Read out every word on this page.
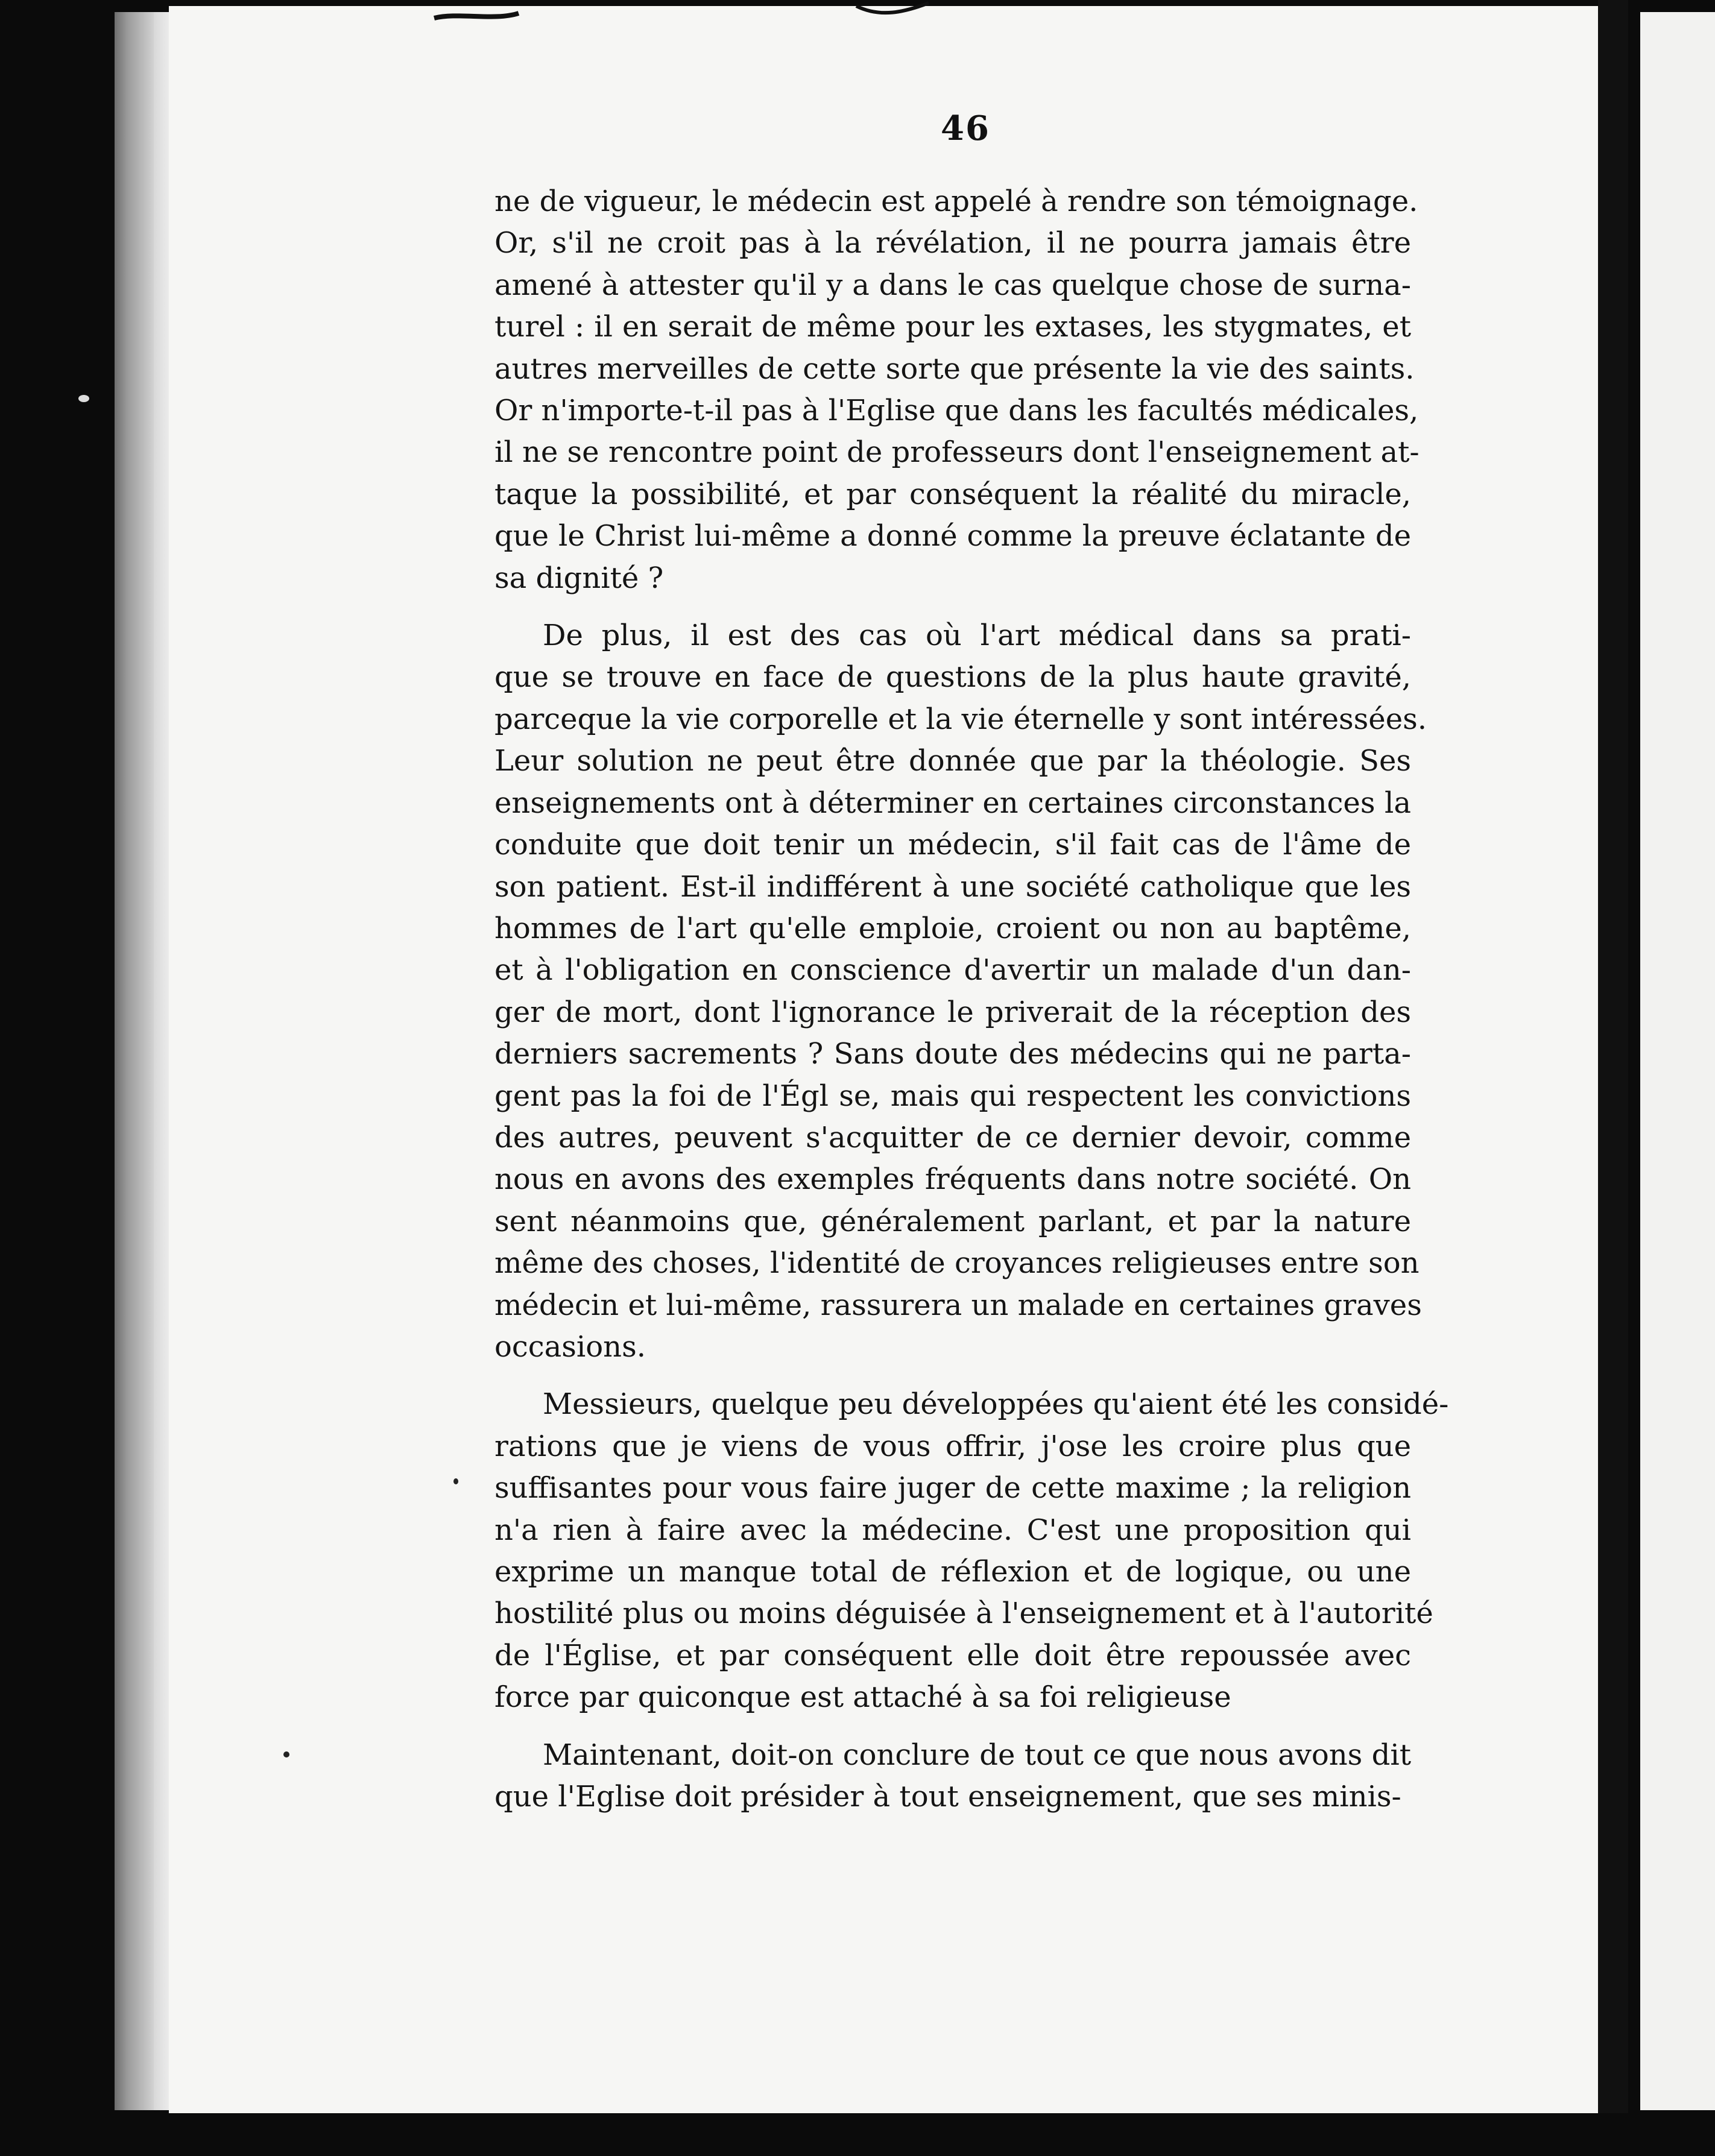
46
ne de vigueur, le médecin est appelé à rendre son témoignage.
Or, s'il ne croit pas à la révélation, il ne pourra jamais être
amené à attester qu'il y a dans le cas quelque chose de surna-
turel : il en serait de même pour les extases, les stygmates, et
autres merveilles de cette sorte que présente la vie des saints.
Or n'importe-t-il pas à l'Eglise que dans les facultés médicales,
il ne se rencontre point de professeurs dont l'enseignement at-
taque la possibilité, et par conséquent la réalité du miracle,
que le Christ lui-même a donné comme la preuve éclatante de
sa dignité ?
De plus, il est des cas où l'art médical dans sa prati-
que se trouve en face de questions de la plus haute gravité,
parceque la vie corporelle et la vie éternelle y sont intéressées.
Leur solution ne peut être donnée que par la théologie. Ses
enseignements ont à déterminer en certaines circonstances la
conduite que doit tenir un médecin, s'il fait cas de l'âme de
son patient. Est-il indifférent à une société catholique que les
hommes de l'art qu'elle emploie, croient ou non au baptême,
et à l'obligation en conscience d'avertir un malade d'un dan-
ger de mort, dont l'ignorance le priverait de la réception des
derniers sacrements ? Sans doute des médecins qui ne parta-
gent pas la foi de l'Égl se, mais qui respectent les convictions
des autres, peuvent s'acquitter de ce dernier devoir, comme
nous en avons des exemples fréquents dans notre société. On
sent néanmoins que, généralement parlant, et par la nature
même des choses, l'identité de croyances religieuses entre son
médecin et lui-même, rassurera un malade en certaines graves
occasions.
Messieurs, quelque peu développées qu'aient été les considé-
rations que je viens de vous offrir, j'ose les croire plus que
suffisantes pour vous faire juger de cette maxime ; la religion
n'a rien à faire avec la médecine. C'est une proposition qui
exprime un manque total de réflexion et de logique, ou une
hostilité plus ou moins déguisée à l'enseignement et à l'autorité
de l'Église, et par conséquent elle doit être repoussée avec
force par quiconque est attaché à sa foi religieuse
Maintenant, doit-on conclure de tout ce que nous avons dit
que l'Eglise doit présider à tout enseignement, que ses minis-
